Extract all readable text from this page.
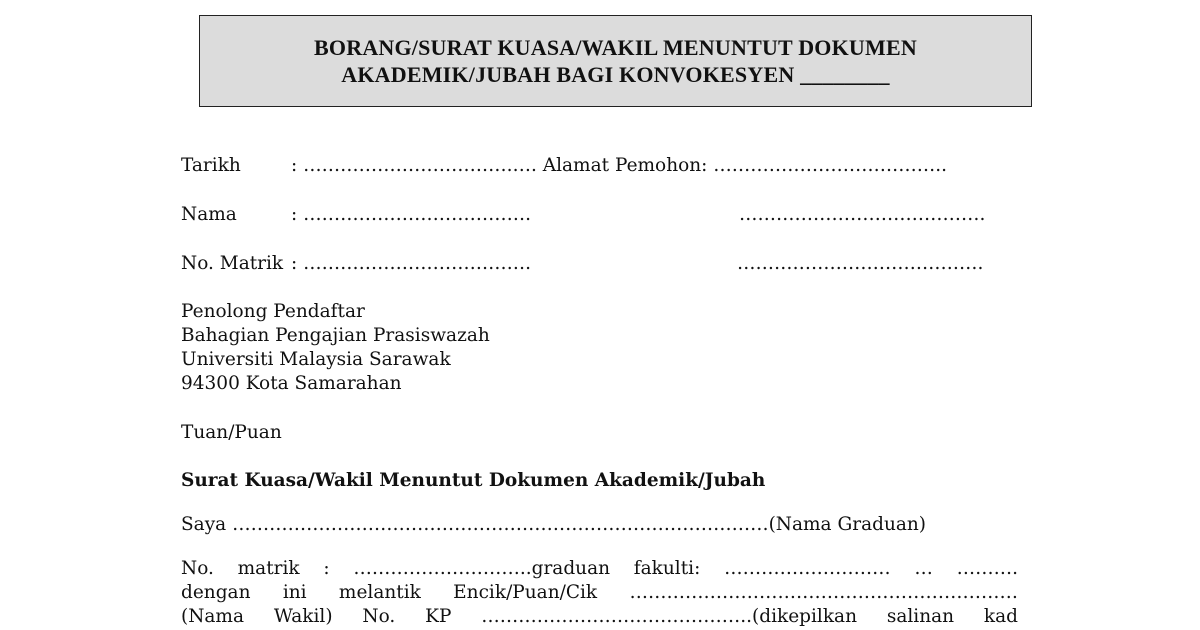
BORANG/SURAT KUASA/WAKIL MENUNTUT DOKUMEN
AKADEMIK/JUBAH BAGI KONVOKESYEN ________
Tarikh	: …………………………….…. Alamat Pemohon: ………………………………..
Nama	: ……………………………….	………………………………….
No. Matrik : ……………………………….	………………………………….
Penolong Pendaftar
Bahagian Pengajian Prasiswazah
Universiti Malaysia Sarawak
94300 Kota Samarahan
Tuan/Puan
Surat Kuasa/Wakil Menuntut Dokumen Akademik/Jubah
Saya ……………………………………………………………………………(Nama Graduan)
No. matrik : ………………………..graduan fakulti: ……………………… … ……….
dengan ini melantik Encik/Puan/Cik ………………………………………………………
(Nama Wakil) No. KP ……………………………………..(dikepilkan salinan kad
